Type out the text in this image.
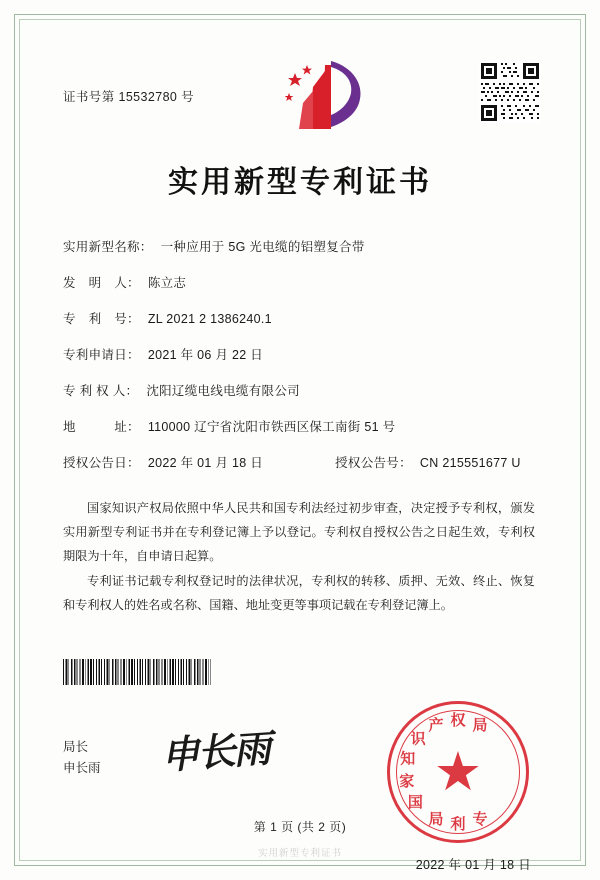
证书号第 15532780 号
实用新型专利证书
实用新型名称： 一种应用于 5G 光电缆的铝塑复合带
发　明　人： 陈立志
专　利　号： ZL 2021 2 1386240.1
专利申请日： 2021 年 06 月 22 日
专 利 权 人： 沈阳辽缆电线电缆有限公司
地　　　址： 110000 辽宁省沈阳市铁西区保工南街 51 号
授权公告日： 2022 年 01 月 18 日	授权公告号： CN 215551677 U

国家知识产权局依照中华人民共和国专利法经过初步审查，决定授予专利权，颁发实用新型专利证书并在专利登记簿上予以登记。专利权自授权公告之日起生效，专利权期限为十年，自申请日起算。

专利证书记载专利权登记时的法律状况，专利权的转移、质押、无效、终止、恢复和专利权人的姓名或名称、国籍、地址变更等事项记载在专利登记簿上。

局长
申长雨 申长雨	★
国
家
知
识
产 权 局
专
利
局
2022 年 01 月 18 日
第 1 页 (共 2 页)
实用新型专利证书
